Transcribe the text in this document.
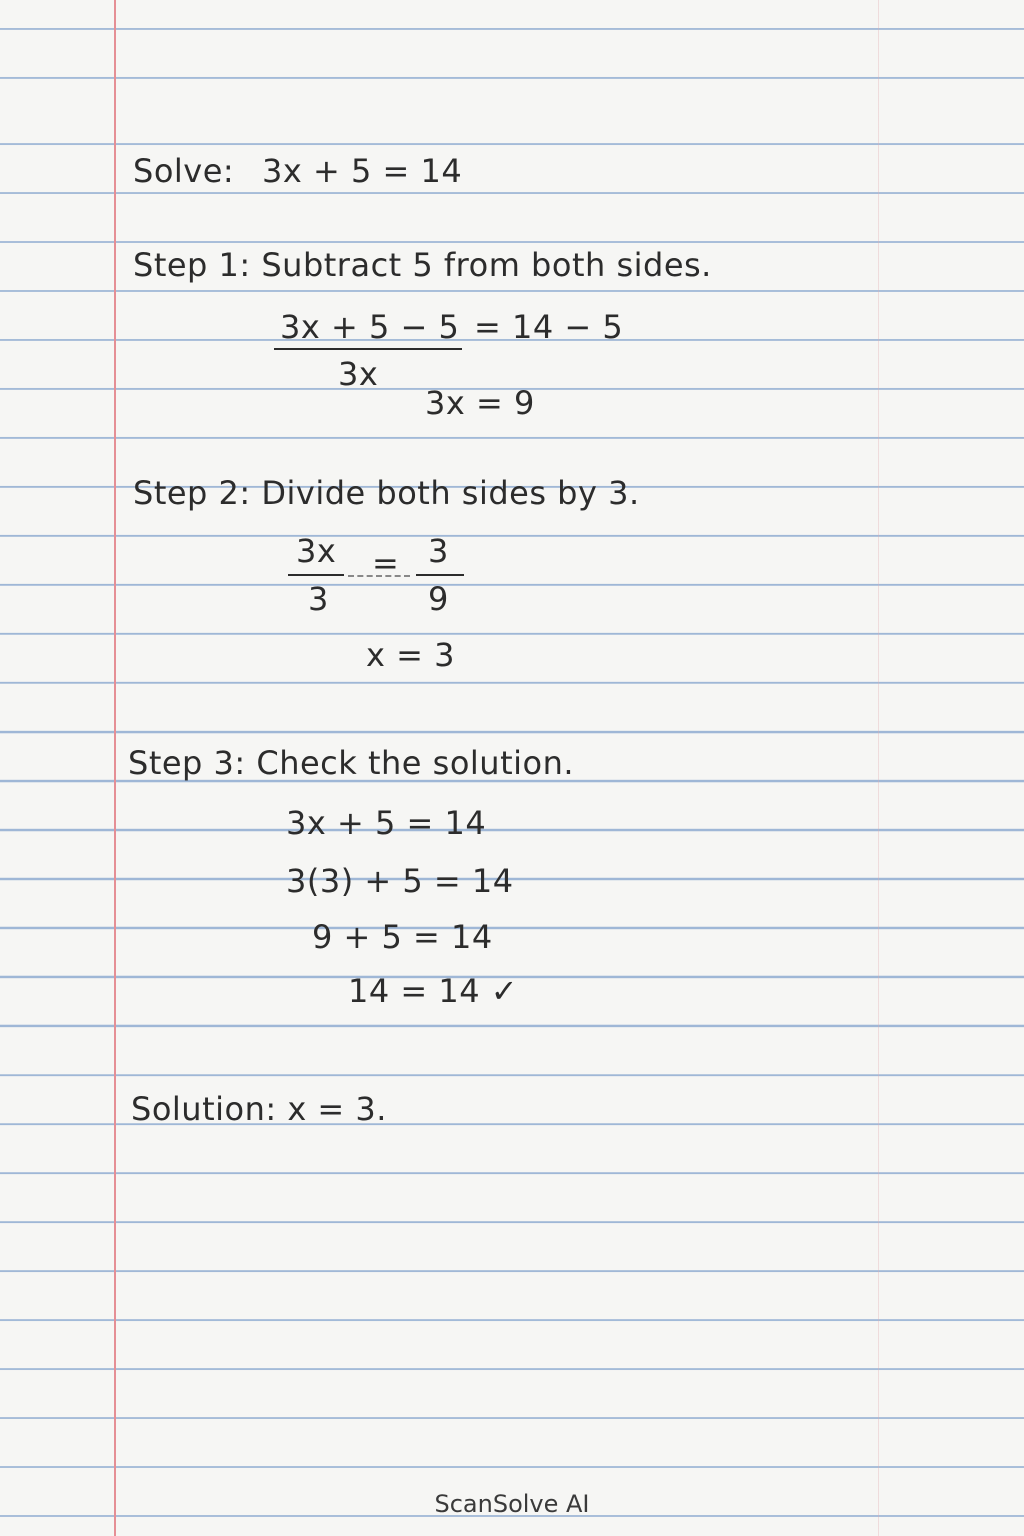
Solve: 3x + 5 = 14
Step 1: Subtract 5 from both sides.
3x + 5 − 5 = 14 − 5
3x
3x = 9
Step 2: Divide both sides by 3.
3x
3
= 3
9
x = 3
Step 3: Check the solution.
3x + 5 = 14
3(3) + 5 = 14
9 + 5 = 14
14 = 14 ✓
Solution: x = 3.
ScanSolve AI
